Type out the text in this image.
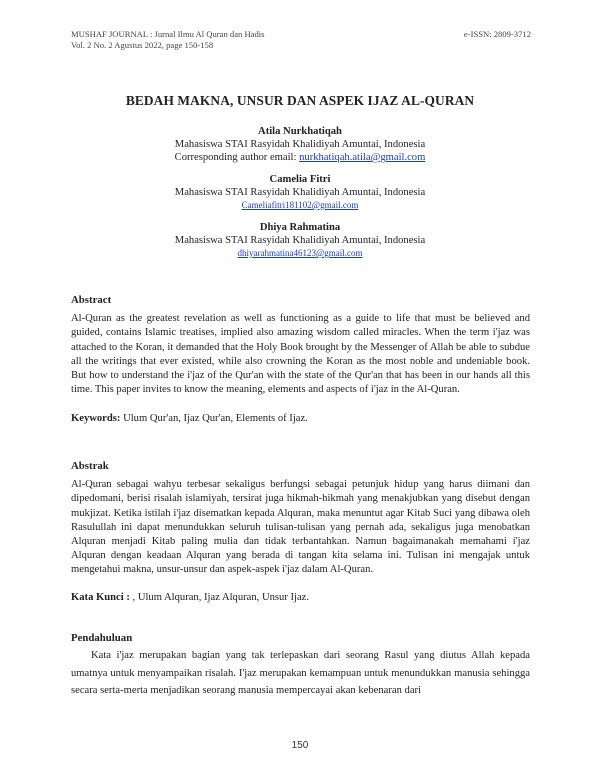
MUSHAF JOURNAL : Jurnal Ilmu Al Quran dan Hadis
Vol. 2 No. 2 Agustus 2022, page 150-158
e-ISSN: 2809-3712
BEDAH MAKNA, UNSUR DAN ASPEK IJAZ AL-QURAN
Atila Nurkhatiqah
Mahasiswa STAI Rasyidah Khalidiyah Amuntai, Indonesia
Corresponding author email: nurkhatiqah.atila@gmail.com
Camelia Fitri
Mahasiswa STAI Rasyidah Khalidiyah Amuntai, Indonesia
Cameliafitri181102@gmail.com
Dhiya Rahmatina
Mahasiswa STAI Rasyidah Khalidiyah Amuntai, Indonesia
dhiyarahmatina46123@gmail.com
Abstract
Al-Quran as the greatest revelation as well as functioning as a guide to life that must be believed and guided, contains Islamic treatises, implied also amazing wisdom called miracles. When the term i'jaz was attached to the Koran, it demanded that the Holy Book brought by the Messenger of Allah be able to subdue all the writings that ever existed, while also crowning the Koran as the most noble and undeniable book. But how to understand the i'jaz of the Qur'an with the state of the Qur'an that has been in our hands all this time. This paper invites to know the meaning, elements and aspects of i'jaz in the Al-Quran.
Keywords: Ulum Qur'an, Ijaz Qur'an, Elements of Ijaz.
Abstrak
Al-Quran sebagai wahyu terbesar sekaligus berfungsi sebagai petunjuk hidup yang harus diimani dan dipedomani, berisi risalah islamiyah, tersirat juga hikmah-hikmah yang menakjubkan yang disebut dengan mukjizat. Ketika istilah i'jaz disematkan kepada Alquran, maka menuntut agar Kitab Suci yang dibawa oleh Rasulullah ini dapat menundukkan seluruh tulisan-tulisan yang pernah ada, sekaligus juga menobatkan Alquran menjadi Kitab paling mulia dan tidak terbantahkan. Namun bagaimanakah memahami i'jaz Alquran dengan keadaan Alquran yang berada di tangan kita selama ini. Tulisan ini mengajak untuk mengetahui makna, unsur-unsur dan aspek-aspek i'jaz dalam Al-Quran.
Kata Kunci : , Ulum Alquran, Ijaz Alquran, Unsur Ijaz.
Pendahuluan
Kata i'jaz merupakan bagian yang tak terlepaskan dari seorang Rasul yang diutus Allah kepada umatnya untuk menyampaikan risalah. I'jaz merupakan kemampuan untuk menundukkan manusia sehingga secara serta-merta menjadikan seorang manusia mempercayai akan kebenaran dari
150
